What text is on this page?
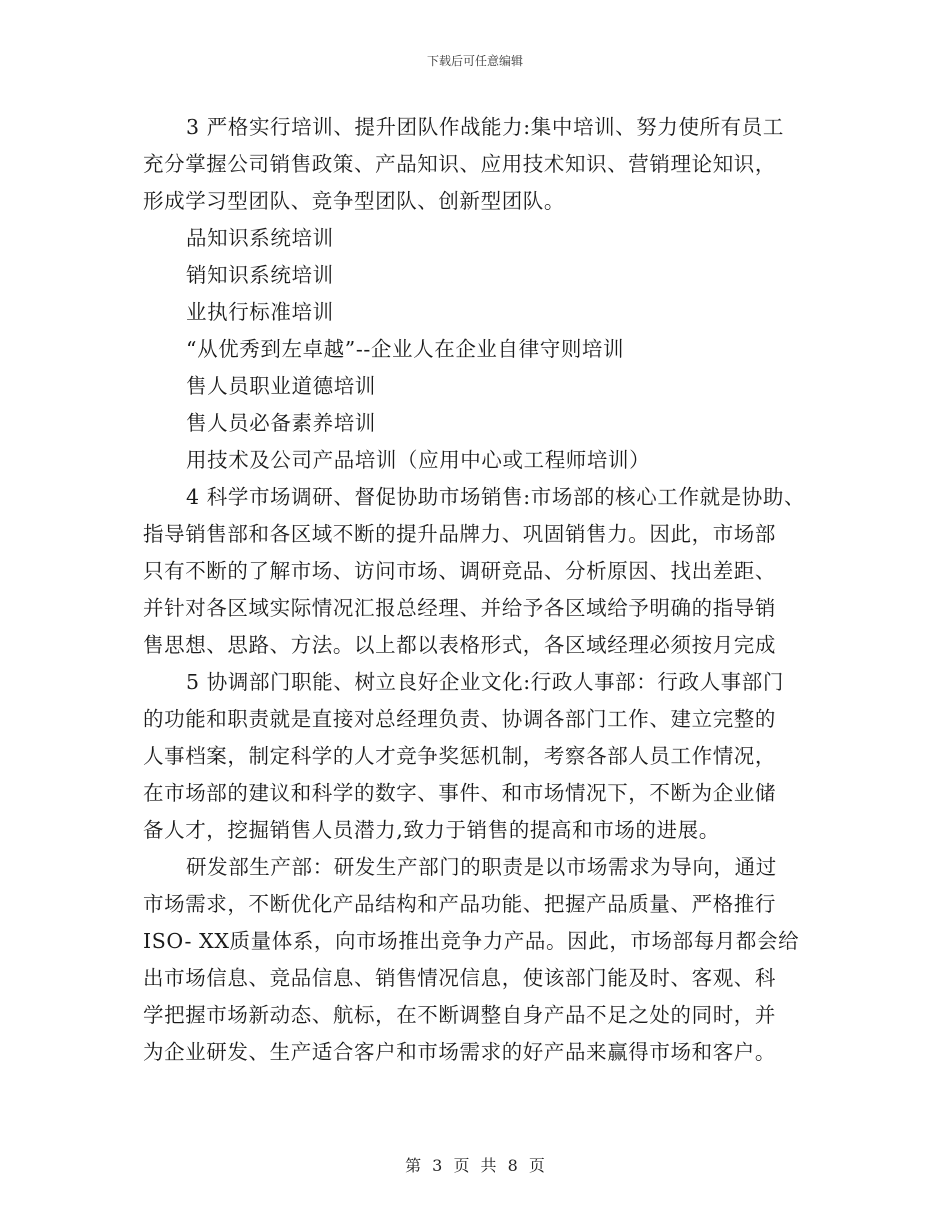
下载后可任意编辑
3 严格实行培训、提升团队作战能力:集中培训、努力使所有员工
充分掌握公司销售政策、产品知识、应用技术知识、营销理论知识，
形成学习型团队、竞争型团队、创新型团队。
品知识系统培训
销知识系统培训
业执行标准培训
“从优秀到左卓越”--企业人在企业自律守则培训
售人员职业道德培训
售人员必备素养培训
用技术及公司产品培训（应用中心或工程师培训）
4 科学市场调研、督促协助市场销售:市场部的核心工作就是协助、
指导销售部和各区域不断的提升品牌力、巩固销售力。因此，市场部
只有不断的了解市场、访问市场、调研竞品、分析原因、找出差距、
并针对各区域实际情况汇报总经理、并给予各区域给予明确的指导销
售思想、思路、方法。以上都以表格形式，各区域经理必须按月完成
5 协调部门职能、树立良好企业文化:行政人事部：行政人事部门
的功能和职责就是直接对总经理负责、协调各部门工作、建立完整的
人事档案，制定科学的人才竞争奖惩机制，考察各部人员工作情况，
在市场部的建议和科学的数字、事件、和市场情况下，不断为企业储
备人才，挖掘销售人员潜力,致力于销售的提高和市场的进展。
研发部生产部：研发生产部门的职责是以市场需求为导向，通过
市场需求，不断优化产品结构和产品功能、把握产品质量、严格推行
ISO- XX质量体系，向市场推出竞争力产品。因此，市场部每月都会给
出市场信息、竞品信息、销售情况信息，使该部门能及时、客观、科
学把握市场新动态、航标，在不断调整自身产品不足之处的同时，并
为企业研发、生产适合客户和市场需求的好产品来赢得市场和客户。
第 3 页 共 8 页
